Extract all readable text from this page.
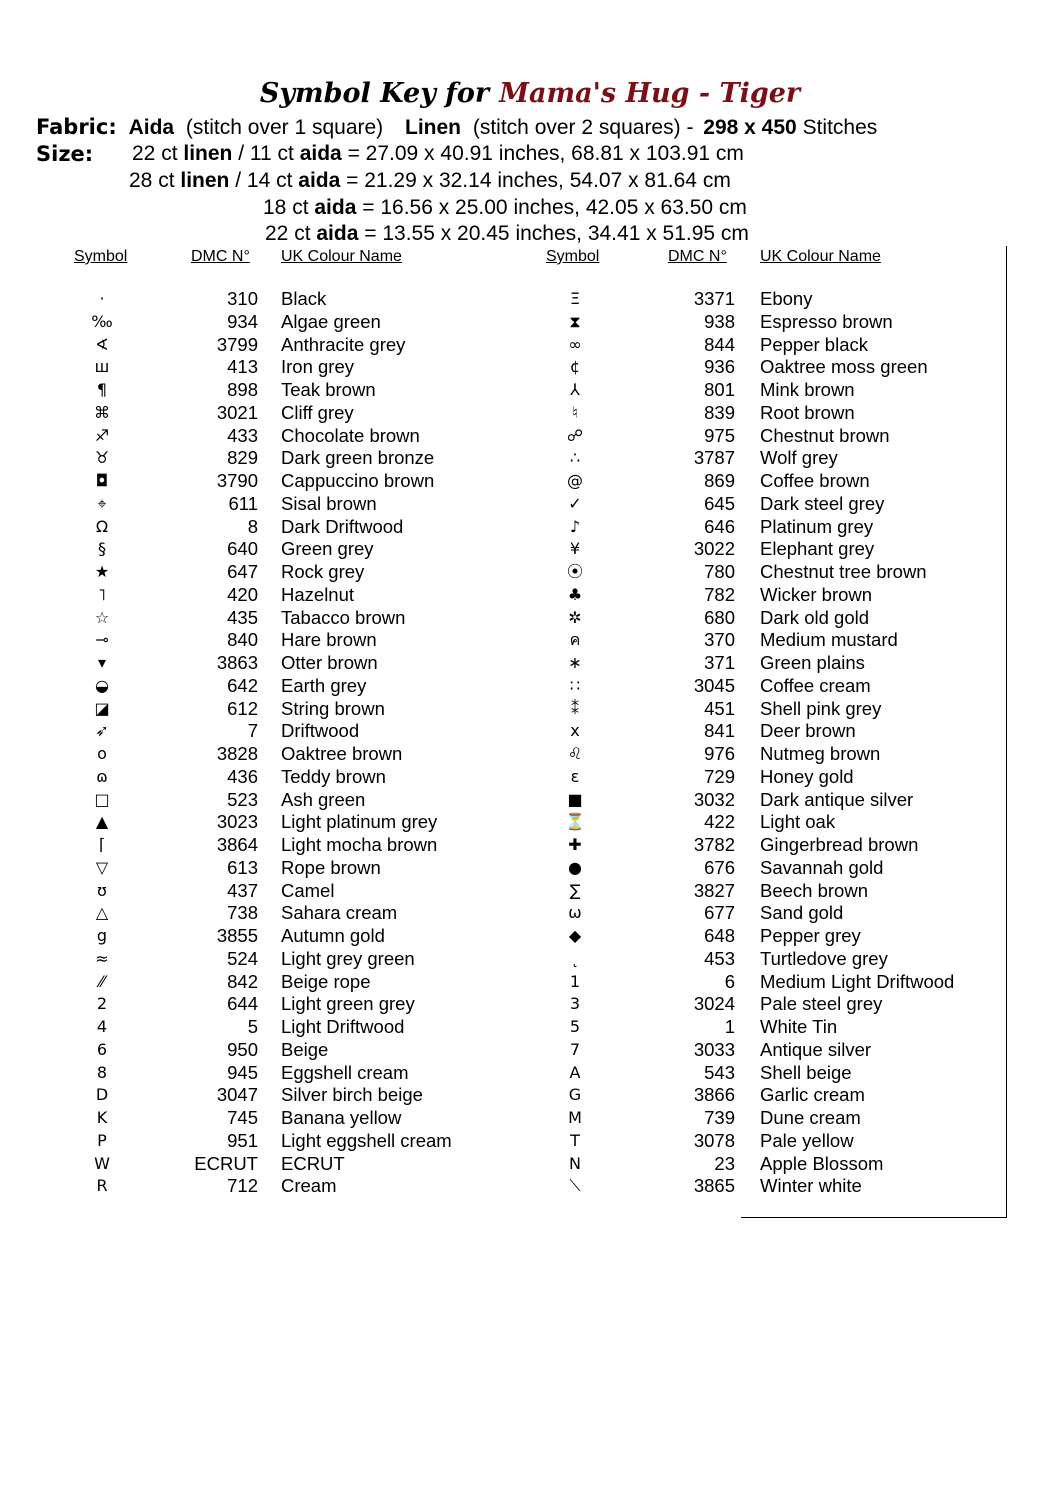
Symbol Key for Mama's Hug - Tiger
Fabric: Aida (stitch over 1 square) Linen (stitch over 2 squares) - 298 x 450 Stitches
Size: 22 ct linen / 11 ct aida = 27.09 x 40.91 inches, 68.81 x 103.91 cm
28 ct linen / 14 ct aida = 21.29 x 32.14 inches, 54.07 x 81.64 cm
18 ct aida = 16.56 x 25.00 inches, 42.05 x 63.50 cm
22 ct aida = 13.55 x 20.45 inches, 34.41 x 51.95 cm
Symbol	DMC N° UK Colour Name	Symbol	DMC N° UK Colour Name
·	310 Black
‰	934 Algae green
∢	3799 Anthracite grey
ш	413 Iron grey
¶	898 Teak brown
⌘	3021 Cliff grey
♐	433 Chocolate brown
♉	829 Dark green bronze
◘	3790 Cappuccino brown
⌖	611 Sisal brown
Ω	8 Dark Driftwood
§	640 Green grey
★	647 Rock grey
˥	420 Hazelnut
☆	435 Tabacco brown
⊸	840 Hare brown
▾	3863 Otter brown
◒	642 Earth grey
◪	612 String brown
➶	7 Driftwood
o	3828 Oaktree brown
ɷ	436 Teddy brown
□	523 Ash green
▲	3023 Light platinum grey
⌈	3864 Light mocha brown
▽	613 Rope brown
ʊ	437 Camel
△	738 Sahara cream
g	3855 Autumn gold
≈	524 Light grey green
⁄⁄	842 Beige rope
2	644 Light green grey
4	5 Light Driftwood
6	950 Beige
8	945 Eggshell cream
D	3047 Silver birch beige
K	745 Banana yellow
P	951 Light eggshell cream
W	ECRUT ECRUT
R	712 Cream
Ξ	3371 Ebony
⧗	938 Espresso brown
∞	844 Pepper black
¢	936 Oaktree moss green
⅄	801 Mink brown
♮	839 Root brown
☍	975 Chestnut brown
∴	3787 Wolf grey
@	869 Coffee brown
✓	645 Dark steel grey
♪	646 Platinum grey
¥	3022 Elephant grey
⦿	780 Chestnut tree brown
♣	782 Wicker brown
✲	680 Dark old gold
ค	370 Medium mustard
∗	371 Green plains
∷	3045 Coffee cream
⁑	451 Shell pink grey
x	841 Deer brown
♌	976 Nutmeg brown
ɛ	729 Honey gold
■	3032 Dark antique silver
⏳	422 Light oak
✚	3782 Gingerbread brown
●	676 Savannah gold
∑	3827 Beech brown
ω	677 Sand gold
◆	648 Pepper grey
˛	453 Turtledove grey
1	6 Medium Light Driftwood
3	3024 Pale steel grey
5	1 White Tin
7	3033 Antique silver
A	543 Shell beige
G	3866 Garlic cream
M	739 Dune cream
T	3078 Pale yellow
N	23 Apple Blossom
⟍	3865 Winter white
